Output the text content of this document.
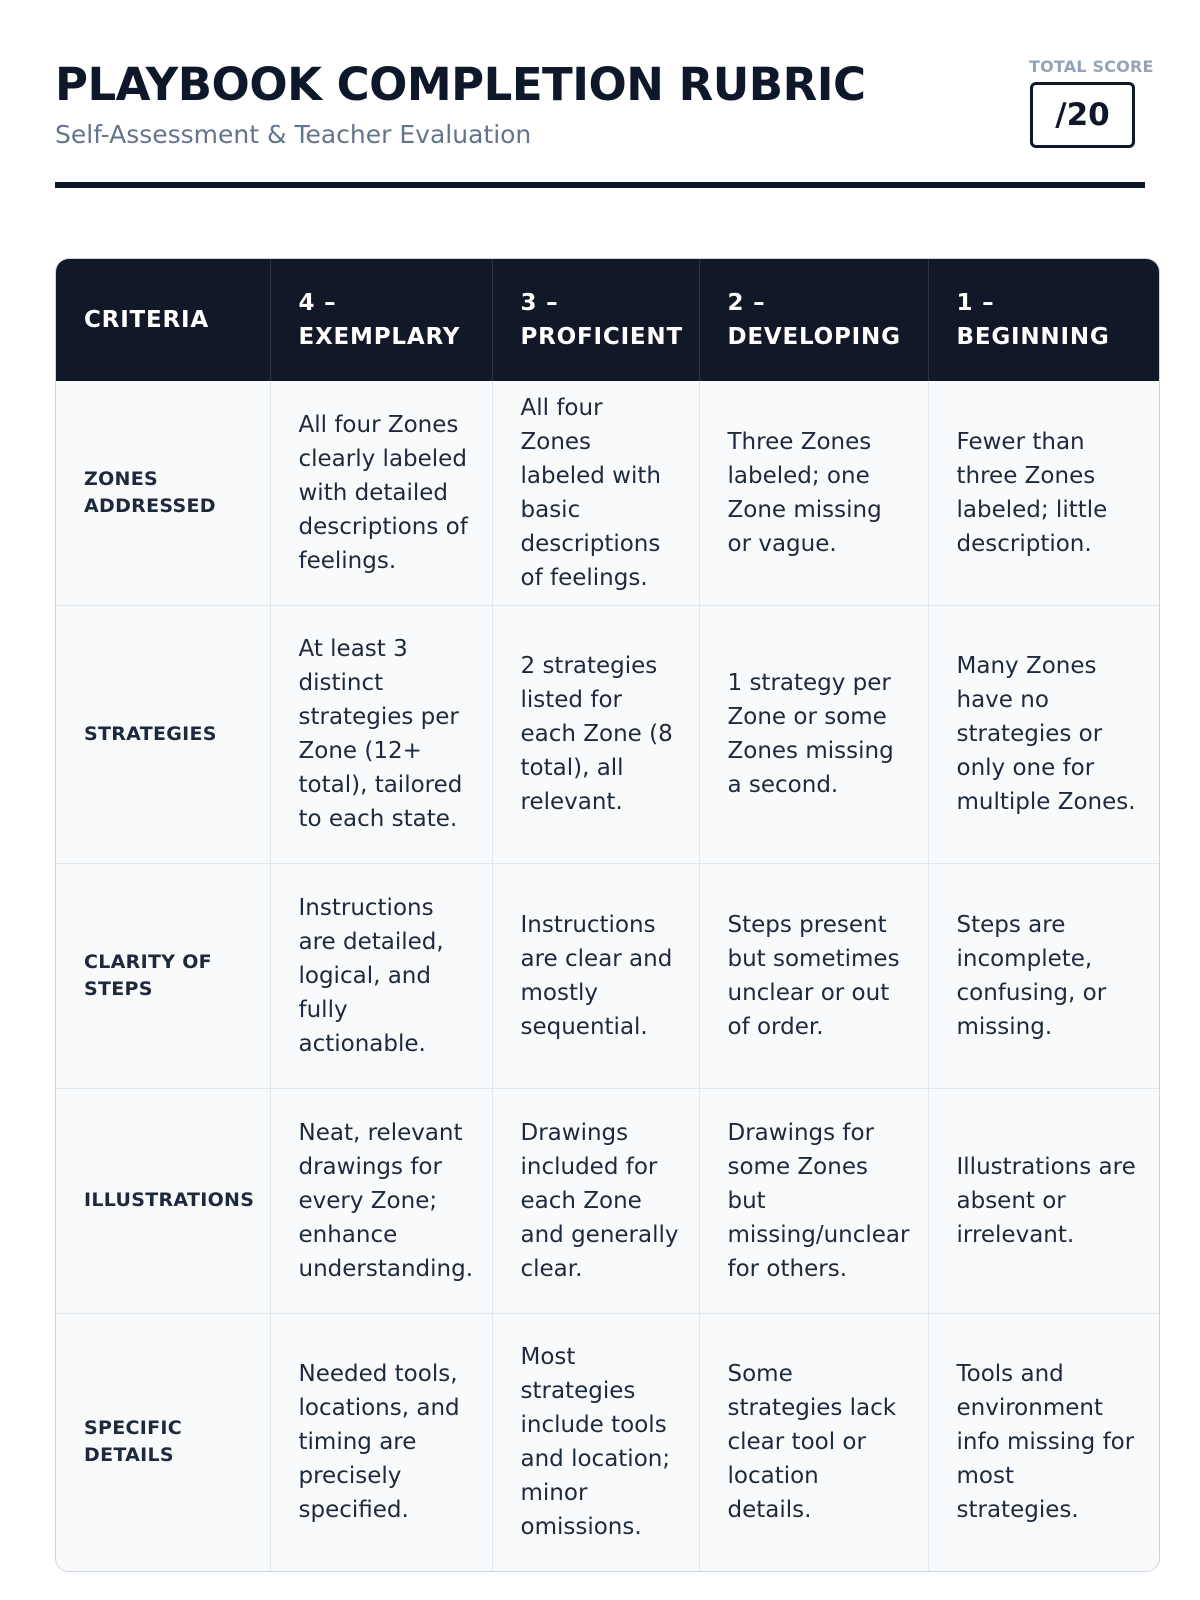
PLAYBOOK COMPLETION RUBRIC
Self-Assessment & Teacher Evaluation
TOTAL SCORE
/20
CRITERIA	4 – EXEMPLARY	3 – PROFICIENT	2 – DEVELOPING	1 – BEGINNING
ZONES ADDRESSED	All four Zones clearly labeled with detailed descriptions of feelings.	All four Zones labeled with basic descriptions of feelings.	Three Zones labeled; one Zone missing or vague.	Fewer than three Zones labeled; little description.
STRATEGIES	At least 3 distinct strategies per Zone (12+ total), tailored to each state.	2 strategies listed for each Zone (8 total), all relevant.	1 strategy per Zone or some Zones missing a second.	Many Zones have no strategies or only one for multiple Zones.
CLARITY OF STEPS	Instructions are detailed, logical, and fully actionable.	Instructions are clear and mostly sequential.	Steps present but sometimes unclear or out of order.	Steps are incomplete, confusing, or missing.
ILLUSTRATIONS	Neat, relevant drawings for every Zone; enhance understanding.	Drawings included for each Zone and generally clear.	Drawings for some Zones but missing/unclear for others.	Illustrations are absent or irrelevant.
SPECIFIC DETAILS	Needed tools, locations, and timing are precisely specified.	Most strategies include tools and location; minor omissions.	Some strategies lack clear tool or location details.	Tools and environment info missing for most strategies.
